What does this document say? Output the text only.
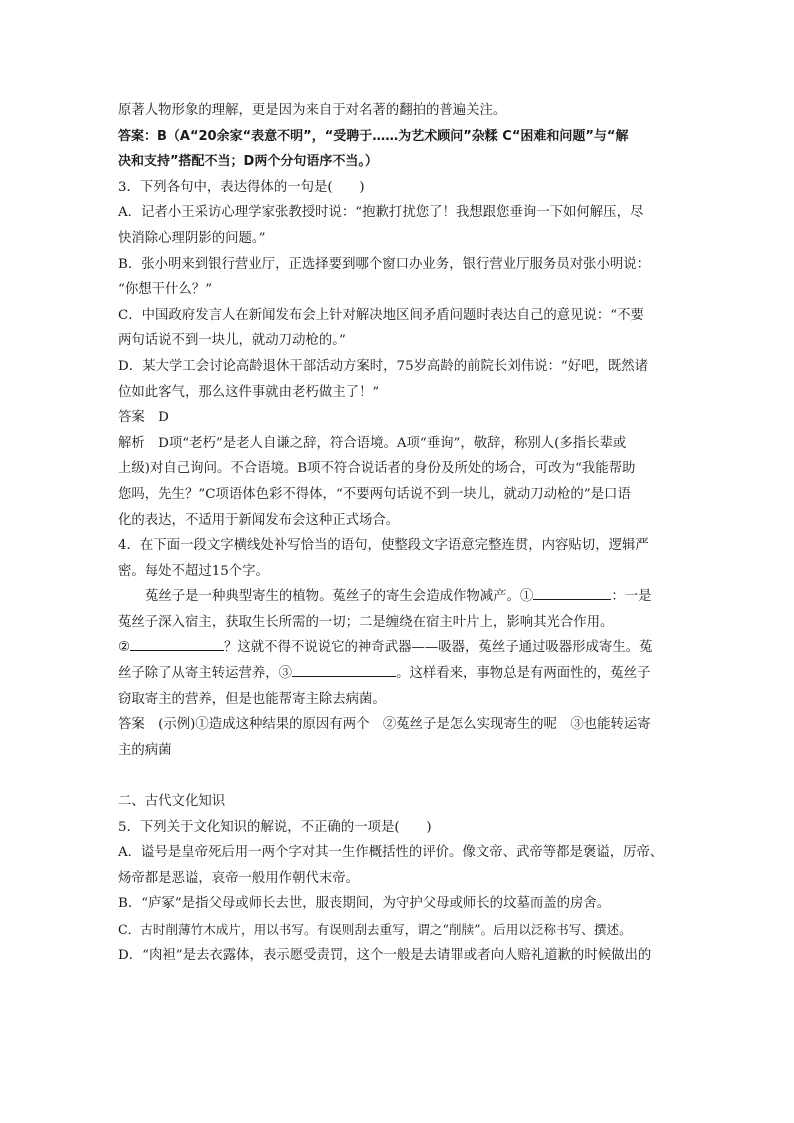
原著人物形象的理解，更是因为来自于对名著的翻拍的普遍关注。
答案：B（A“20余家“表意不明”，“受聘于……为艺术顾问”杂糅 C“困难和问题”与“解
决和支持”搭配不当；D两个分句语序不当。）
3．下列各句中，表达得体的一句是(　　)
A．记者小王采访心理学家张教授时说：“抱歉打扰您了！我想跟您垂询一下如何解压，尽
快消除心理阴影的问题。”
B．张小明来到银行营业厅，正选择要到哪个窗口办业务，银行营业厅服务员对张小明说：
“你想干什么？”
C．中国政府发言人在新闻发布会上针对解决地区间矛盾问题时表达自己的意见说：“不要
两句话说不到一块儿，就动刀动枪的。”
D．某大学工会讨论高龄退休干部活动方案时，75岁高龄的前院长刘伟说：“好吧，既然诸
位如此客气，那么这件事就由老朽做主了！”
答案　D
解析　D项“老朽”是老人自谦之辞，符合语境。A项“垂询”，敬辞，称别人(多指长辈或
上级)对自己询问。不合语境。B项不符合说话者的身份及所处的场合，可改为“我能帮助
您吗，先生？”C项语体色彩不得体，“不要两句话说不到一块儿，就动刀动枪的”是口语
化的表达，不适用于新闻发布会这种正式场合。
4．在下面一段文字横线处补写恰当的语句，使整段文字语意完整连贯，内容贴切，逻辑严
密。每处不超过15个字。
菟丝子是一种典型寄生的植物。菟丝子的寄生会造成作物减产。①	：一是
菟丝子深入宿主，获取生长所需的一切；二是缠绕在宿主叶片上，影响其光合作用。
②	？这就不得不说说它的神奇武器——吸器，菟丝子通过吸器形成寄生。菟
丝子除了从寄主转运营养，③	。这样看来，事物总是有两面性的，菟丝子
窃取寄主的营养，但是也能帮寄主除去病菌。
答案　(示例)①造成这种结果的原因有两个　②菟丝子是怎么实现寄生的呢　③也能转运寄
主的病菌
二、古代文化知识
5．下列关于文化知识的解说，不正确的一项是(　　)
A．谥号是皇帝死后用一两个字对其一生作概括性的评价。像文帝、武帝等都是褒谥，厉帝、
炀帝都是恶谥，哀帝一般用作朝代末帝。
B．“庐冢”是指父母或师长去世，服丧期间，为守护父母或师长的坟墓而盖的房舍。
C．古时削薄竹木成片，用以书写。有误则刮去重写，谓之“削牍”。后用以泛称书写、撰述。
D．“肉袒”是去衣露体，表示愿受责罚，这个一般是去请罪或者向人赔礼道歉的时候做出的
